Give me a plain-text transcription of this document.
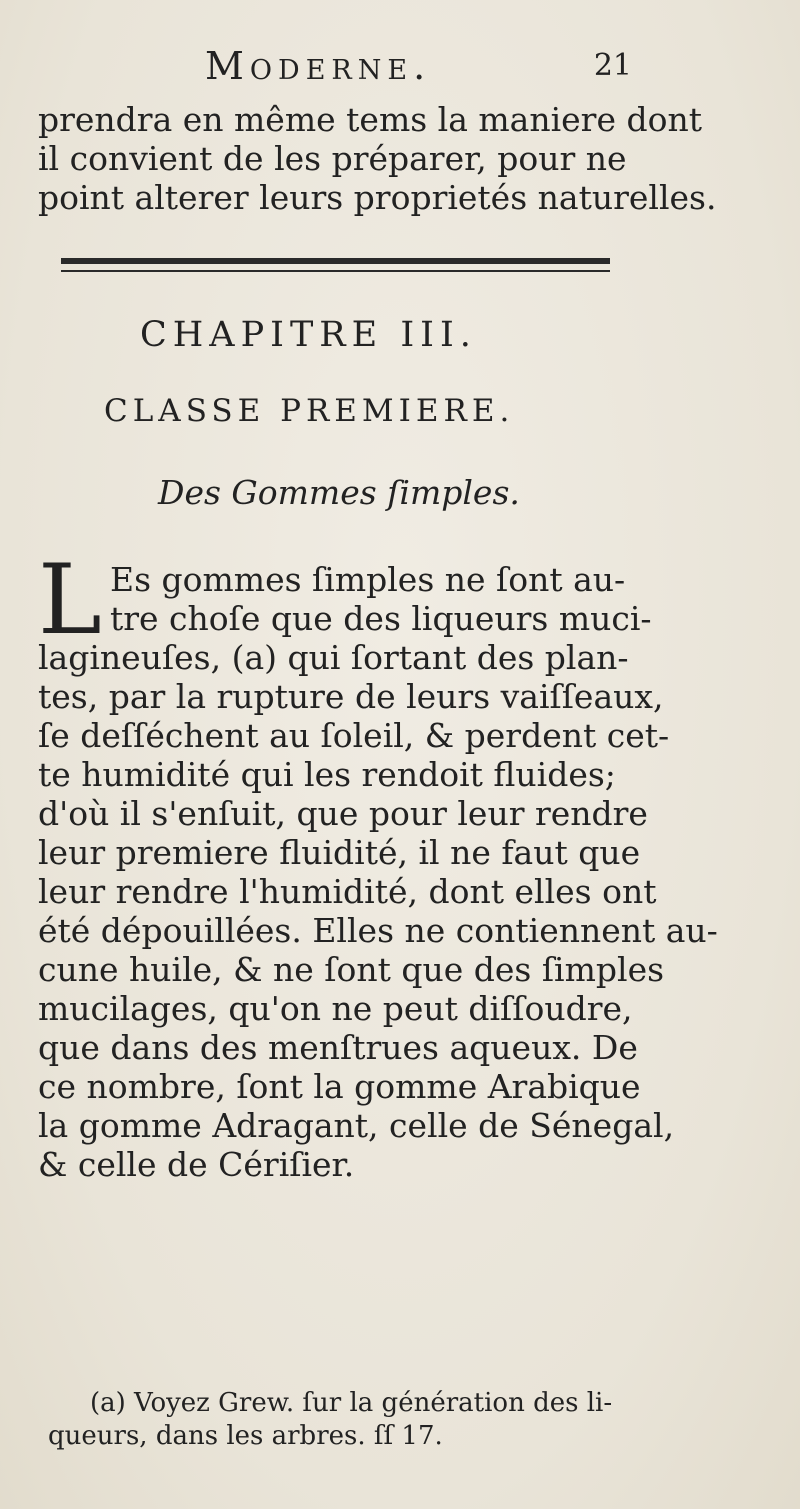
Moderne.	21
prendra en même tems la maniere dont
il convient de les préparer, pour ne
point alterer leurs proprietés naturelles.
CHAPITRE III.
CLASSE PREMIERE.
Des Gommes ſimples.
L Es gommes ſimples ne ſont au-
tre choſe que des liqueurs muci-
lagineuſes, (a) qui ſortant des plan-
tes, par la rupture de leurs vaiſſeaux,
ſe deſſéchent au ſoleil, & perdent cet-
te humidité qui les rendoit fluides;
d'où il s'enſuit, que pour leur rendre
leur premiere fluidité, il ne faut que
leur rendre l'humidité, dont elles ont
été dépouillées. Elles ne contiennent au-
cune huile, & ne ſont que des ſimples
mucilages, qu'on ne peut diſſoudre,
que dans des menſtrues aqueux. De
ce nombre, ſont la gomme Arabique
la gomme Adragant, celle de Sénegal,
& celle de Cériſier.
(a) Voyez Grew. ſur la génération des li-
queurs, dans les arbres. ſſ 17.
